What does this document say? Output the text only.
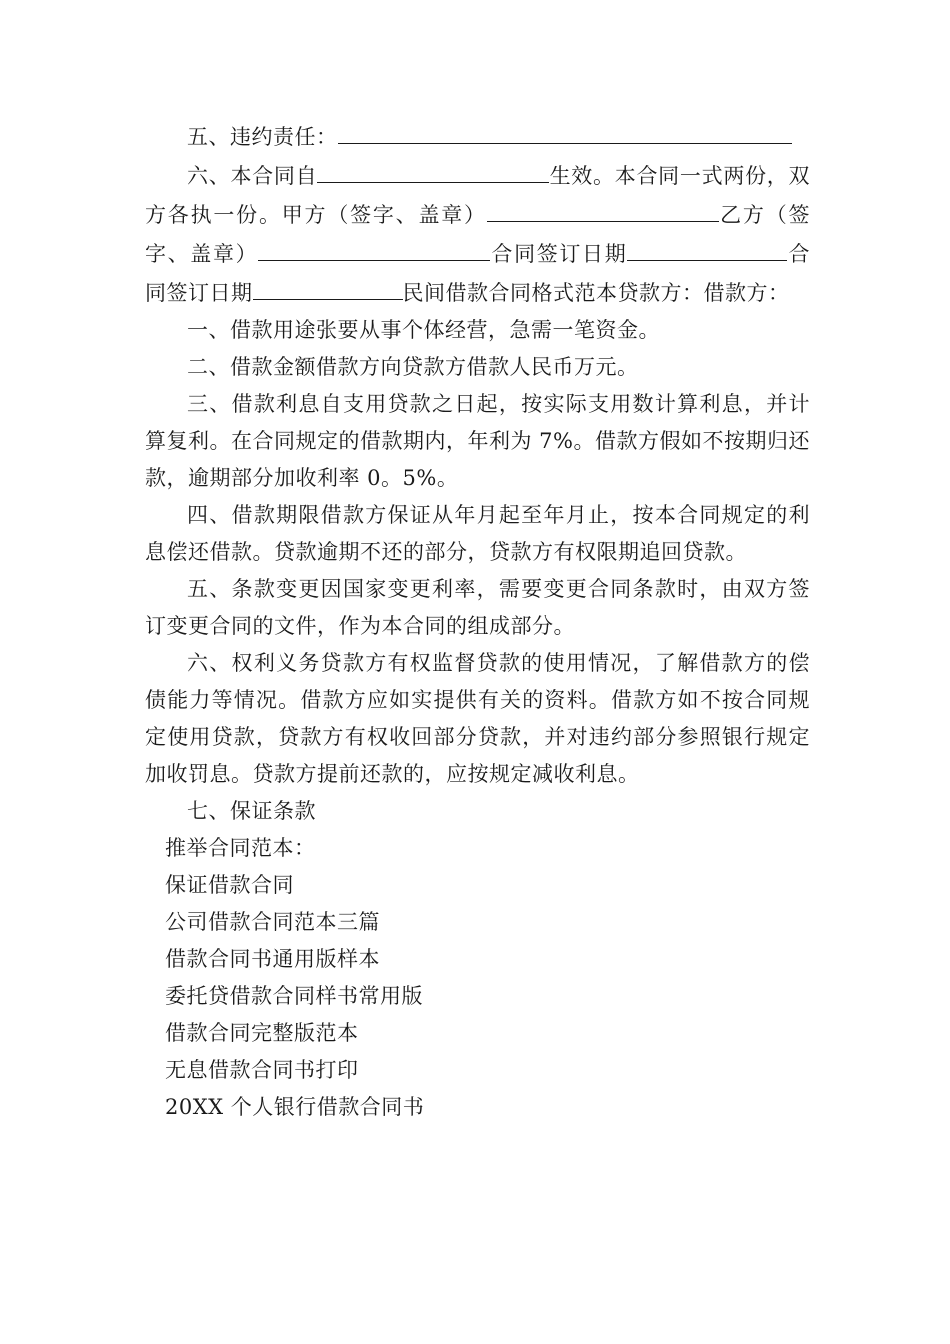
五、违约责任：

六、本合同自	生效。本合同一式两份，双方各执一份。甲方（签字、盖章）	乙方（签字、盖章）	合同签订日期	合同签订日期	民间借款合同格式范本贷款方：借款方：

一、借款用途张要从事个体经营，急需一笔资金。

二、借款金额借款方向贷款方借款人民币万元。

三、借款利息自支用贷款之日起，按实际支用数计算利息，并计算复利。在合同规定的借款期内，年利为 7%。借款方假如不按期归还款，逾期部分加收利率 0。5%。

四、借款期限借款方保证从年月起至年月止，按本合同规定的利息偿还借款。贷款逾期不还的部分，贷款方有权限期追回贷款。

五、条款变更因国家变更利率，需要变更合同条款时，由双方签订变更合同的文件，作为本合同的组成部分。

六、权利义务贷款方有权监督贷款的使用情况，了解借款方的偿债能力等情况。借款方应如实提供有关的资料。借款方如不按合同规定使用贷款，贷款方有权收回部分贷款，并对违约部分参照银行规定加收罚息。贷款方提前还款的，应按规定减收利息。

七、保证条款

推举合同范本：
保证借款合同
公司借款合同范本三篇
借款合同书通用版样本
委托贷借款合同样书常用版
借款合同完整版范本
无息借款合同书打印
20XX 个人银行借款合同书
